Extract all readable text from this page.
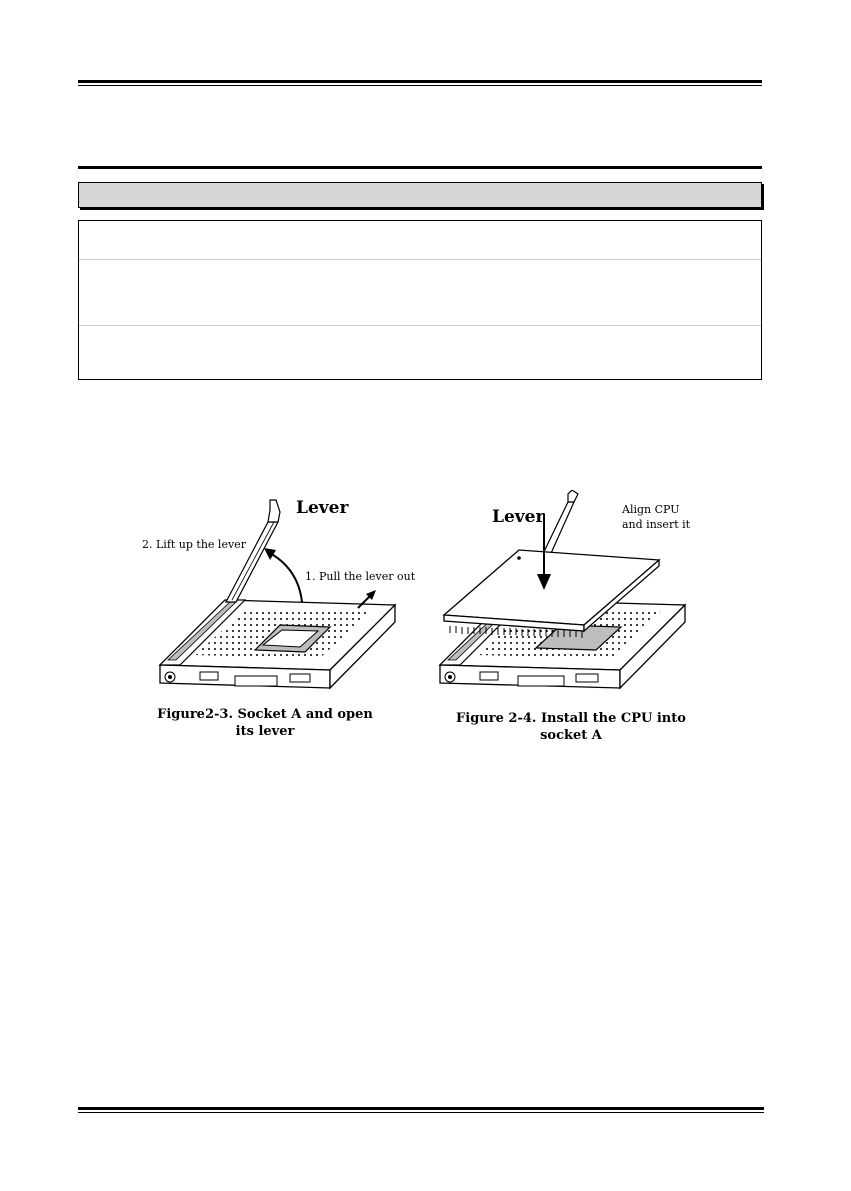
Lever
2. Lift up the lever
1. Pull the lever out
Figure2-3. Socket A and open
its lever
Lever	Align CPU
and insert it
Figure 2-4. Install the CPU into
socket A
